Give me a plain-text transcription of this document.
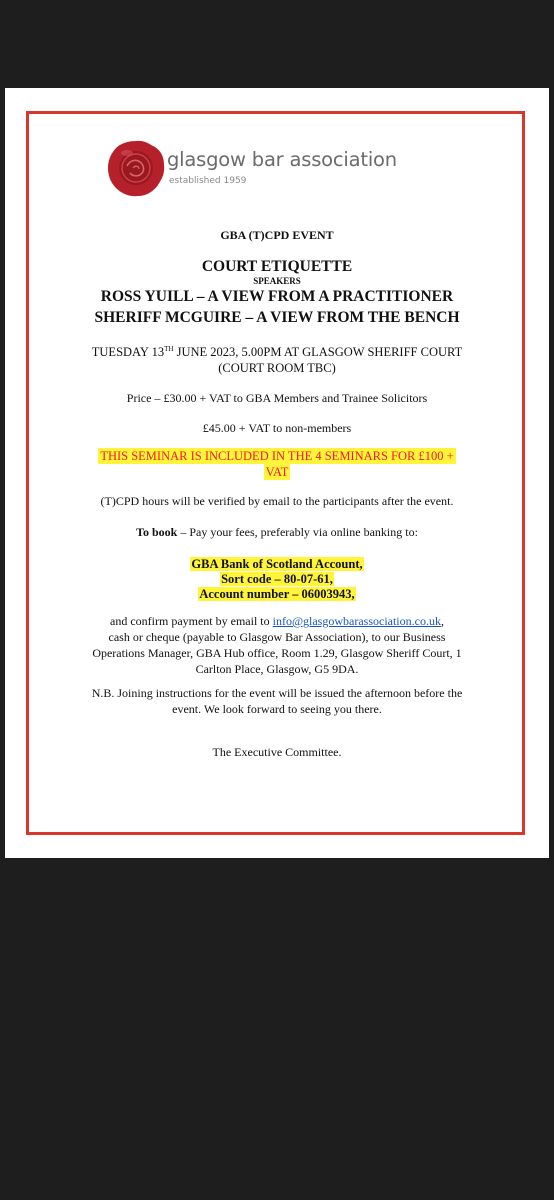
glasgow bar association
established 1959
GBA (T)CPD EVENT
COURT ETIQUETTE
SPEAKERS
ROSS YUILL – A VIEW FROM A PRACTITIONER
SHERIFF MCGUIRE – A VIEW FROM THE BENCH
TUESDAY 13TH JUNE 2023, 5.00PM AT GLASGOW SHERIFF COURT
(COURT ROOM TBC)
Price – £30.00 + VAT to GBA Members and Trainee Solicitors
£45.00 + VAT to non-members
THIS SEMINAR IS INCLUDED IN THE 4 SEMINARS FOR £100 +
VAT
(T)CPD hours will be verified by email to the participants after the event.
To book – Pay your fees, preferably via online banking to:
GBA Bank of Scotland Account,
Sort code – 80-07-61,
Account number – 06003943,
and confirm payment by email to info@glasgowbarassociation.co.uk,
cash or cheque (payable to Glasgow Bar Association), to our Business
Operations Manager, GBA Hub office, Room 1.29, Glasgow Sheriff Court, 1
Carlton Place, Glasgow, G5 9DA.
N.B. Joining instructions for the event will be issued the afternoon before the
event. We look forward to seeing you there.
The Executive Committee.
